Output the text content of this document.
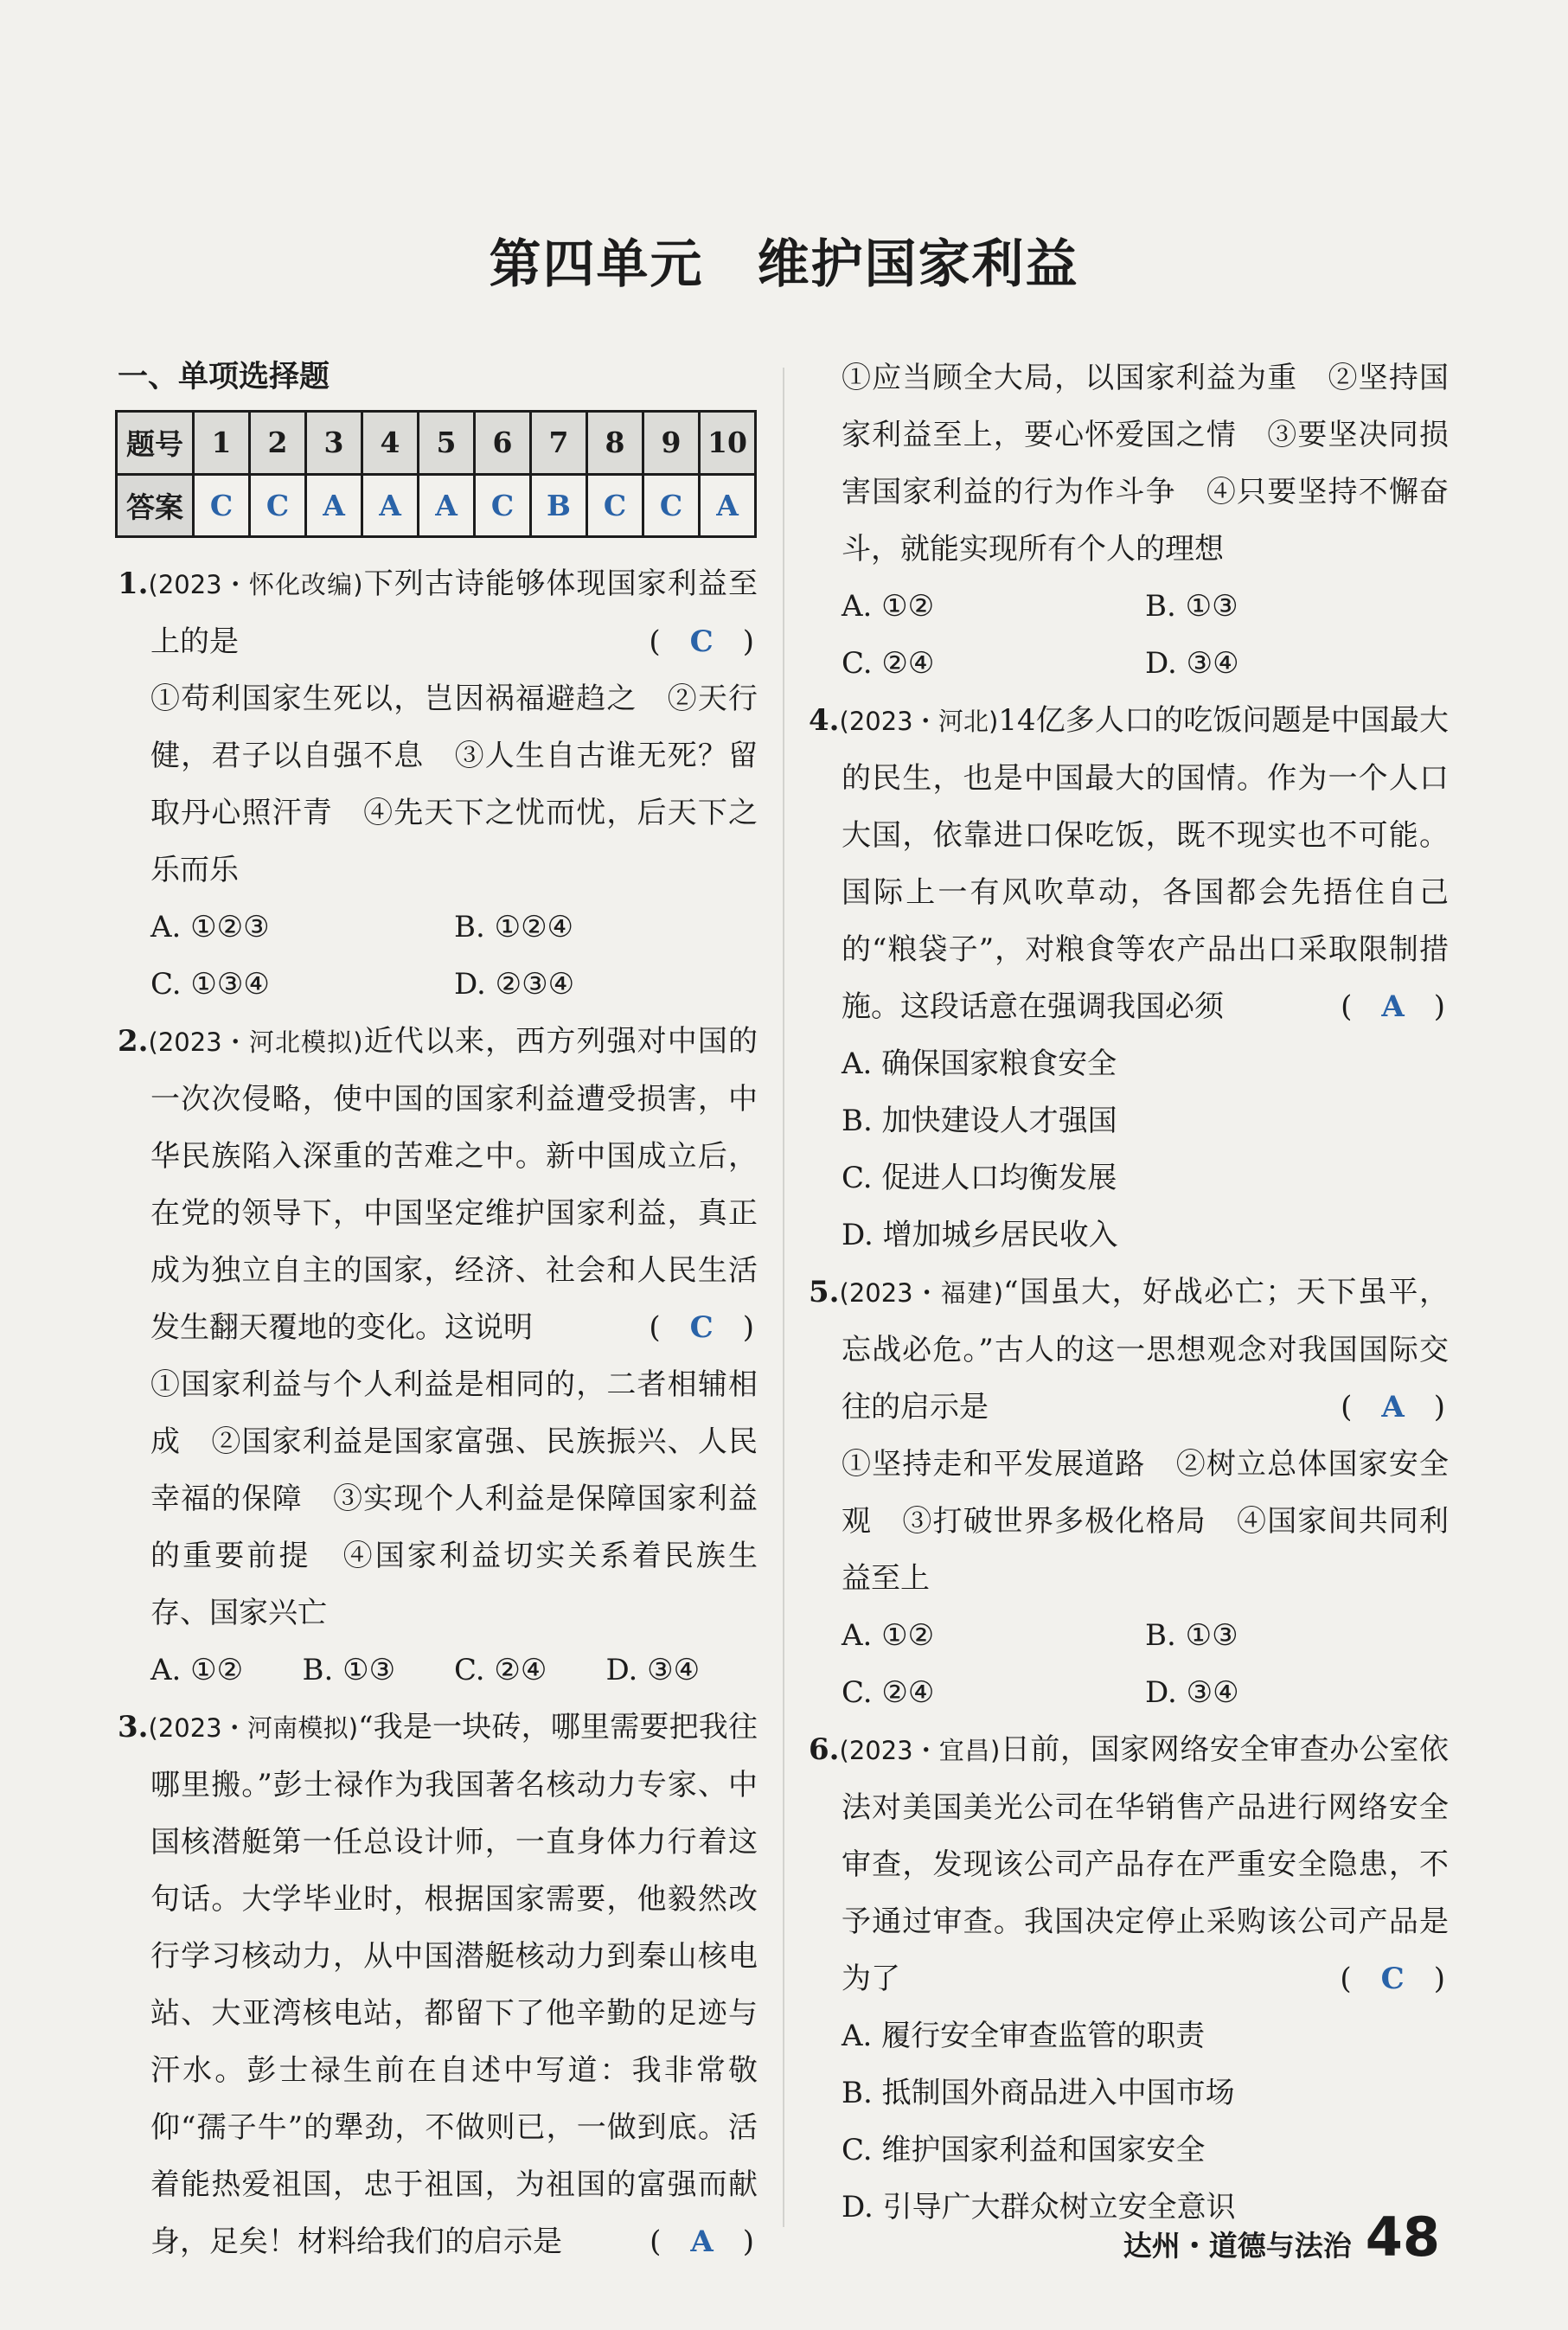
第四单元　维护国家利益
一、单项选择题
题号	1	2	3	4	5	6	7	8	9	10
答案	C	C	A	A	A	C	B	C	C	A
1.(2023・怀化改编)下列古诗能够体现国家利益至上的是	(　C　)
①苟利国家生死以，岂因祸福避趋之　②天行健，君子以自强不息　③人生自古谁无死？留取丹心照汗青　④先天下之忧而忧，后天下之乐而乐
A. ①②③	B. ①②④
C. ①③④	D. ②③④
2.(2023・河北模拟)近代以来，西方列强对中国的一次次侵略，使中国的国家利益遭受损害，中华民族陷入深重的苦难之中。新中国成立后，在党的领导下，中国坚定维护国家利益，真正成为独立自主的国家，经济、社会和人民生活发生翻天覆地的变化。这说明	(　C　)
①国家利益与个人利益是相同的，二者相辅相成　②国家利益是国家富强、民族振兴、人民幸福的保障　③实现个人利益是保障国家利益的重要前提　④国家利益切实关系着民族生存、国家兴亡
A. ①②	B. ①③	C. ②④	D. ③④
3.(2023・河南模拟)“我是一块砖，哪里需要把我往哪里搬。”彭士禄作为我国著名核动力专家、中国核潜艇第一任总设计师，一直身体力行着这句话。大学毕业时，根据国家需要，他毅然改行学习核动力，从中国潜艇核动力到秦山核电站、大亚湾核电站，都留下了他辛勤的足迹与汗水。彭士禄生前在自述中写道：我非常敬仰“孺子牛”的犟劲，不做则已，一做到底。活着能热爱祖国，忠于祖国，为祖国的富强而献身，足矣！材料给我们的启示是	(　A　)
①应当顾全大局，以国家利益为重　②坚持国家利益至上，要心怀爱国之情　③要坚决同损害国家利益的行为作斗争　④只要坚持不懈奋斗，就能实现所有个人的理想
A. ①②	B. ①③
C. ②④	D. ③④
4.(2023・河北)14亿多人口的吃饭问题是中国最大的民生，也是中国最大的国情。作为一个人口大国，依靠进口保吃饭，既不现实也不可能。国际上一有风吹草动，各国都会先捂住自己的“粮袋子”，对粮食等农产品出口采取限制措施。这段话意在强调我国必须	(　A　)
A. 确保国家粮食安全
B. 加快建设人才强国
C. 促进人口均衡发展
D. 增加城乡居民收入
5.(2023・福建)“国虽大，好战必亡；天下虽平，忘战必危。”古人的这一思想观念对我国国际交往的启示是	(　A　)
①坚持走和平发展道路　②树立总体国家安全观　③打破世界多极化格局　④国家间共同利益至上
A. ①②	B. ①③
C. ②④	D. ③④
6.(2023・宜昌)日前，国家网络安全审查办公室依法对美国美光公司在华销售产品进行网络安全审查，发现该公司产品存在严重安全隐患，不予通过审查。我国决定停止采购该公司产品是为了	(　C　)
A. 履行安全审查监管的职责
B. 抵制国外商品进入中国市场
C. 维护国家利益和国家安全
D. 引导广大群众树立安全意识
达州・道德与法治 48
